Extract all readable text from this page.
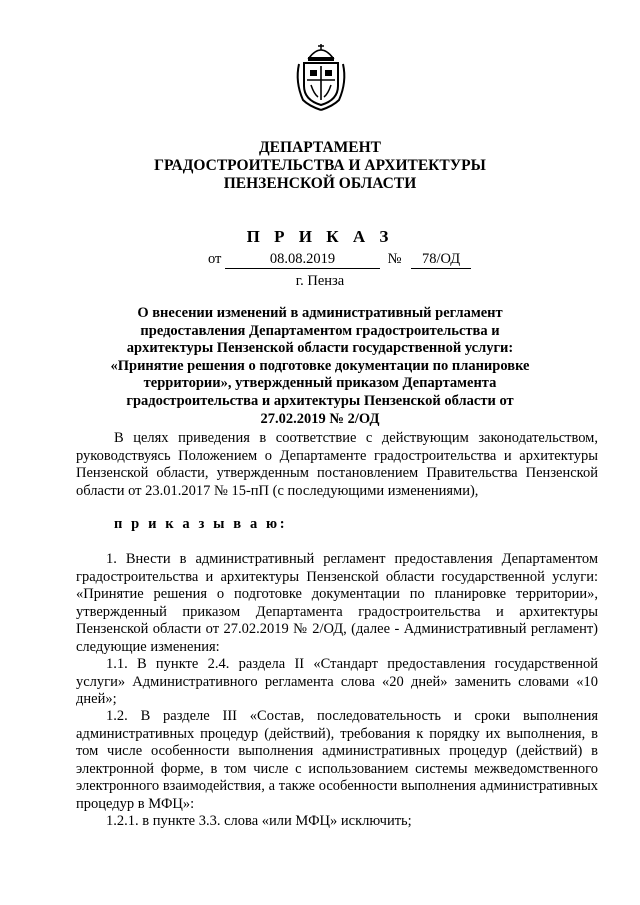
ДЕПАРТАМЕНТ
ГРАДОСТРОИТЕЛЬСТВА И АРХИТЕКТУРЫ
ПЕНЗЕНСКОЙ ОБЛАСТИ
П Р И К А З
от	08.08.2019	№ 78/ОД
г. Пенза
О внесении изменений в административный регламент предоставления Департаментом градостроительства и архитектуры Пензенской области государственной услуги: «Принятие решения о подготовке документации по планировке территории», утвержденный приказом Департамента градостроительства и архитектуры Пензенской области от 27.02.2019 № 2/ОД

В целях приведения в соответствие с действующим законодательством, руководствуясь Положением о Департаменте градостроительства и архитектуры Пензенской области, утвержденным постановлением Правительства Пензенской области от 23.01.2017 № 15-пП (с последующими изменениями),

п р и к а з ы в а ю:

1. Внести в административный регламент предоставления Департаментом градостроительства и архитектуры Пензенской области государственной услуги: «Принятие решения о подготовке документации по планировке территории», утвержденный приказом Департамента градостроительства и архитектуры Пензенской области от 27.02.2019 № 2/ОД, (далее - Административный регламент) следующие изменения:

1.1. В пункте 2.4. раздела II «Стандарт предоставления государственной услуги» Административного регламента слова «20 дней» заменить словами «10 дней»;

1.2. В разделе III «Состав, последовательность и сроки выполнения административных процедур (действий), требования к порядку их выполнения, в том числе особенности выполнения административных процедур (действий) в электронной форме, в том числе с использованием системы межведомственного электронного взаимодействия, а также особенности выполнения административных процедур в МФЦ»:

1.2.1. в пункте 3.3. слова «или МФЦ» исключить;
